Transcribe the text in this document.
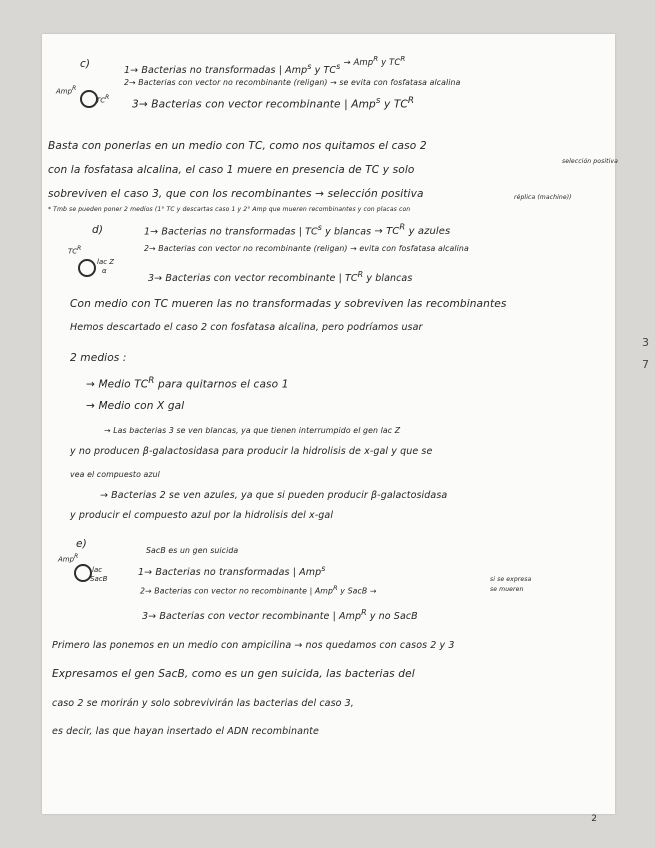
c)
Amp$^R$
$TC^R$
1→ Bacterias no transformadas | Amp$^s$ y $TC^s \to Amp^R$ y $TC^R$
2→ Bacterias con vector no recombinante (religan) → se evita con fosfatasa alcalina
3→ Bacterias con vector recombinante | Amp$^s$ y $TC^R$
Basta con ponerlas en un medio con TC, como nos quitamos el caso 2
con la fosfatasa alcalina, el caso 1 muere en presencia de TC y solo
selección positiva
sobreviven el caso 3, que con los recombinantes → selección positiva
* Tmb se pueden poner 2 medios (1° TC y descartas caso 1 y 2° Amp que mueren recombinantes y con placas con
réplica (machine))
d)
$TC^R$
lac Z
α
1→ Bacterias no transformadas | $TC^s$ y blancas → $TC^R$ y azules
2→ Bacterias con vector no recombinante (religan) → evita con fosfatasa alcalina
3→ Bacterias con vector recombinante | $TC^R$ y blancas
Con medio con TC mueren las no transformadas y sobreviven las recombinantes
Hemos descartado el caso 2 con fosfatasa alcalina, pero podríamos usar
2 medios :
→ Medio $TC^R$ para quitarnos el caso 1
→ Medio con X gal
→ Las bacterias 3 se ven blancas, ya que tienen interrumpido el gen lac Z
y no producen β-galactosidasa para producir la hidrolisis de x-gal y que se
vea el compuesto azul
→ Bacterias 2 se ven azules, ya que si pueden producir β-galactosidasa
y producir el compuesto azul por la hidrolisis del x-gal
e)
Amp$^R$
lac
SacB
SacB es un gen suicida
1→ Bacterias no transformadas | Amp$^s$
2→ Bacterias con vector no recombinante | Amp$^R$ y SacB →
si se expresa
se mueren
3→ Bacterias con vector recombinante | Amp$^R$ y no SacB
Primero las ponemos en un medio con ampicilina → nos quedamos con casos 2 y 3
Expresamos el gen SacB, como es un gen suicida, las bacterias del
caso 2 se morirán y solo sobrevivirán las bacterias del caso 3,
es decir, las que hayan insertado el ADN recombinante
2
3
7
